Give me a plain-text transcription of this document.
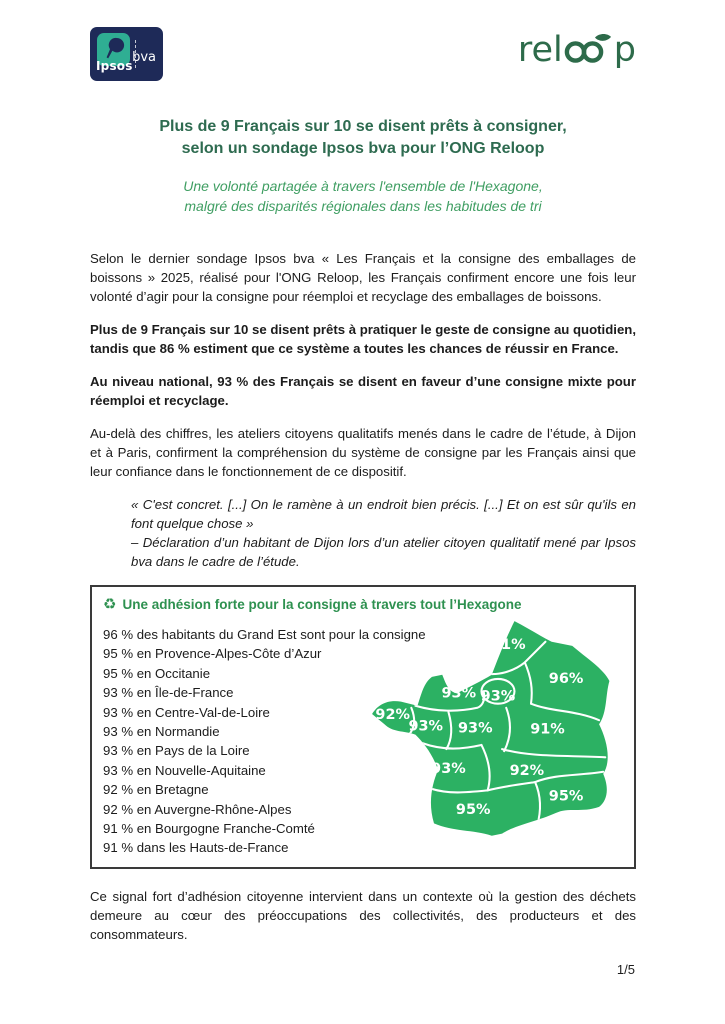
Ipsos
bva	rel p
Plus de 9 Français sur 10 se disent prêts à consigner,
selon un sondage Ipsos bva pour l’ONG Reloop
Une volonté partagée à travers l'ensemble de l'Hexagone,
malgré des disparités régionales dans les habitudes de tri

Selon le dernier sondage Ipsos bva « Les Français et la consigne des emballages de boissons » 2025, réalisé pour l'ONG Reloop, les Français confirment encore une fois leur volonté d’agir pour la consigne pour réemploi et recyclage des emballages de boissons.

Plus de 9 Français sur 10 se disent prêts à pratiquer le geste de consigne au quotidien, tandis que 86 % estiment que ce système a toutes les chances de réussir en France.

Au niveau national, 93 % des Français se disent en faveur d’une consigne mixte pour réemploi et recyclage.

Au-delà des chiffres, les ateliers citoyens qualitatifs menés dans le cadre de l’étude, à Dijon et à Paris, confirment la compréhension du système de consigne par les Français ainsi que leur confiance dans le fonctionnement de ce dispositif.

« C'est concret. [...] On le ramène à un endroit bien précis. [...] Et on est sûr qu'ils en font quelque chose »

– Déclaration d’un habitant de Dijon lors d’un atelier citoyen qualitatif mené par Ipsos bva dans le cadre de l’étude.

♻ Une adhésion forte pour la consigne à travers tout l’Hexagone
96 % des habitants du Grand Est sont pour la consigne
95 % en Provence-Alpes-Côte d’Azur
95 % en Occitanie
93 % en Île-de-France
93 % en Centre-Val-de-Loire
93 % en Normandie
93 % en Pays de la Loire
93 % en Nouvelle-Aquitaine
92 % en Bretagne
92 % en Auvergne-Rhône-Alpes
91 % en Bourgogne Franche-Comté
91 % dans les Hauts-de-France
91%
93% 93%
96%
92%
93% 93%	91%
93%	92%
95%
95%

Ce signal fort d’adhésion citoyenne intervient dans un contexte où la gestion des déchets demeure au cœur des préoccupations des collectivités, des producteurs et des consommateurs.

1/5
